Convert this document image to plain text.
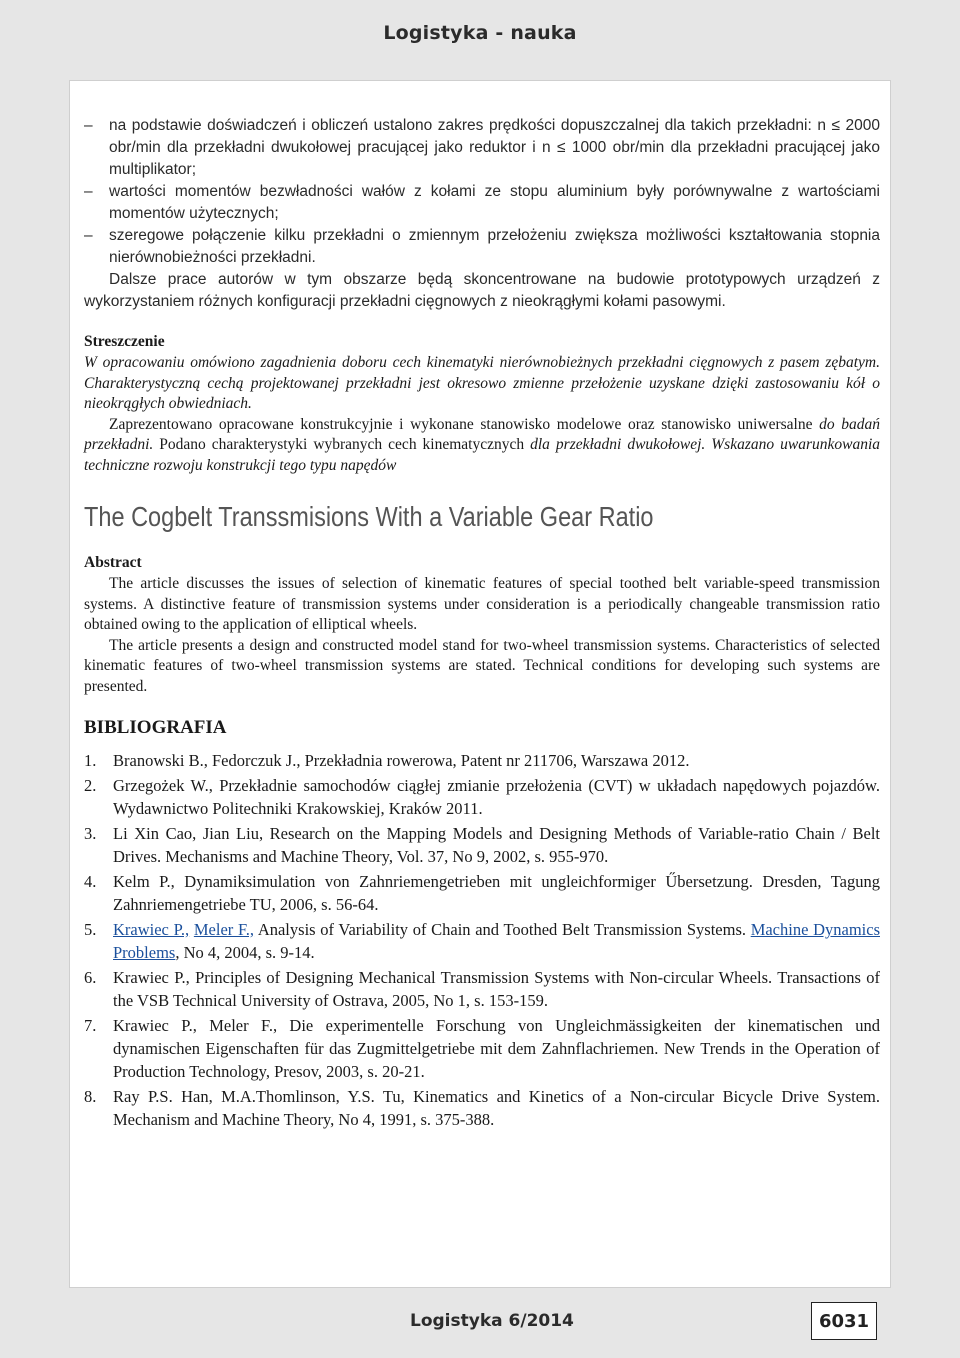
Logistyka - nauka
–	na podstawie doświadczeń i obliczeń ustalono zakres prędkości dopuszczalnej dla takich przekładni: n ≤ 2000 obr/min dla przekładni dwukołowej pracującej jako reduktor i n ≤ 1000 obr/min dla przekładni pracującej jako multiplikator;
–	wartości momentów bezwładności wałów z kołami ze stopu aluminium były porównywalne z wartościami momentów użytecznych;
–	szeregowe połączenie kilku przekładni o zmiennym przełożeniu zwiększa możliwości kształtowania stopnia nierównobieżności przekładni.
Dalsze prace autorów w tym obszarze będą skoncentrowane na budowie prototypowych urządzeń z wykorzystaniem różnych konfiguracji przekładni cięgnowych z nieokrągłymi kołami pasowymi.
Streszczenie
W opracowaniu omówiono zagadnienia doboru cech kinematyki nierównobieżnych przekładni cięgnowych z pasem zębatym. Charakterystyczną cechą projektowanej przekładni jest okresowo zmienne przełożenie uzyskane dzięki zastosowaniu kół o nieokrągłych obwiedniach.
Zaprezentowano opracowane konstrukcyjnie i wykonane stanowisko modelowe oraz stanowisko uniwersalne do badań przekładni. Podano charakterystyki wybranych cech kinematycznych dla przekładni dwukołowej. Wskazano uwarunkowania techniczne rozwoju konstrukcji tego typu napędów
The Cogbelt Transsmisions With a Variable Gear Ratio
Abstract
The article discusses the issues of selection of kinematic features of special toothed belt variable-speed transmission systems. A distinctive feature of transmission systems under consideration is a periodically changeable transmission ratio obtained owing to the application of elliptical wheels.
The article presents a design and constructed model stand for two-wheel transmission systems. Characteristics of selected kinematic features of two-wheel transmission systems are stated. Technical conditions for developing such systems are presented.
BIBLIOGRAFIA
1.	Branowski B., Fedorczuk J., Przekładnia rowerowa, Patent nr 211706, Warszawa 2012.
2.	Grzegożek W., Przekładnie samochodów ciągłej zmianie przełożenia (CVT) w układach napędowych pojazdów. Wydawnictwo Politechniki Krakowskiej, Kraków 2011.
3.	Li Xin Cao, Jian Liu, Research on the Mapping Models and Designing Methods of Variable-ratio Chain / Belt Drives. Mechanisms and Machine Theory, Vol. 37, No 9, 2002, s. 955-970.
4.	Kelm P., Dynamiksimulation von Zahnriemengetrieben mit ungleichformiger Űbersetzung. Dresden, Tagung Zahnriemengetriebe TU, 2006, s. 56-64.
5.	Krawiec P., Meler F., Analysis of Variability of Chain and Toothed Belt Transmission Systems. Machine Dynamics Problems, No 4, 2004, s. 9-14.
6.	Krawiec P., Principles of Designing Mechanical Transmission Systems with Non-circular Wheels. Transactions of the VSB Technical University of Ostrava, 2005, No 1, s. 153-159.
7.	Krawiec P., Meler F., Die experimentelle Forschung von Ungleichmässigkeiten der kinematischen und dynamischen Eigenschaften für das Zugmittelgetriebe mit dem Zahnflachriemen. New Trends in the Operation of Production Technology, Presov, 2003, s. 20-21.
8.	Ray P.S. Han, M.A.Thomlinson, Y.S. Tu, Kinematics and Kinetics of a Non-circular Bicycle Drive System. Mechanism and Machine Theory, No 4, 1991, s. 375-388.
Logistyka 6/2014	6031
